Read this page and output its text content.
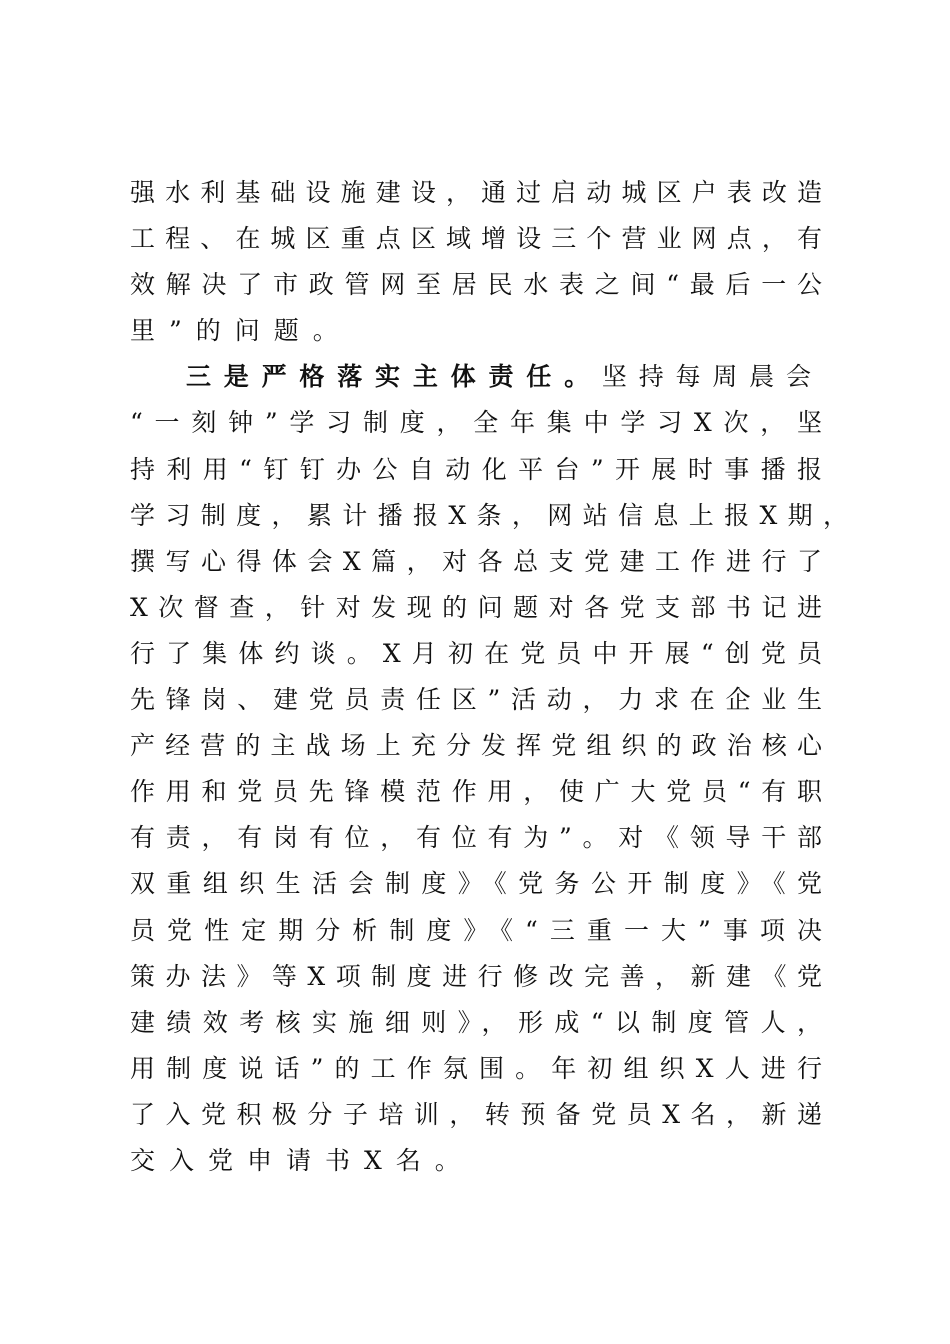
强水利基础设施建设，通过启动城区户表改造
工程、在城区重点区域增设三个营业网点，有
效解决了市政管网至居民水表之间“最后一公
里”的问题。
三是严格落实主体责任。坚持每周晨会
“一刻钟”学习制度，全年集中学习X次，坚
持利用“钉钉办公自动化平台”开展时事播报
学习制度，累计播报X条，网站信息上报X期，
撰写心得体会X篇，对各总支党建工作进行了
X次督查，针对发现的问题对各党支部书记进
行了集体约谈。X月初在党员中开展“创党员
先锋岗、建党员责任区”活动，力求在企业生
产经营的主战场上充分发挥党组织的政治核心
作用和党员先锋模范作用，使广大党员“有职
有责，有岗有位，有位有为”。对《领导干部
双重组织生活会制度》《党务公开制度》《党
员党性定期分析制度》《“三重一大”事项决
策办法》等X项制度进行修改完善，新建《党
建绩效考核实施细则》，形成“以制度管人，
用制度说话”的工作氛围。年初组织X人进行
了入党积极分子培训，转预备党员X名，新递
交入党申请书X名。
